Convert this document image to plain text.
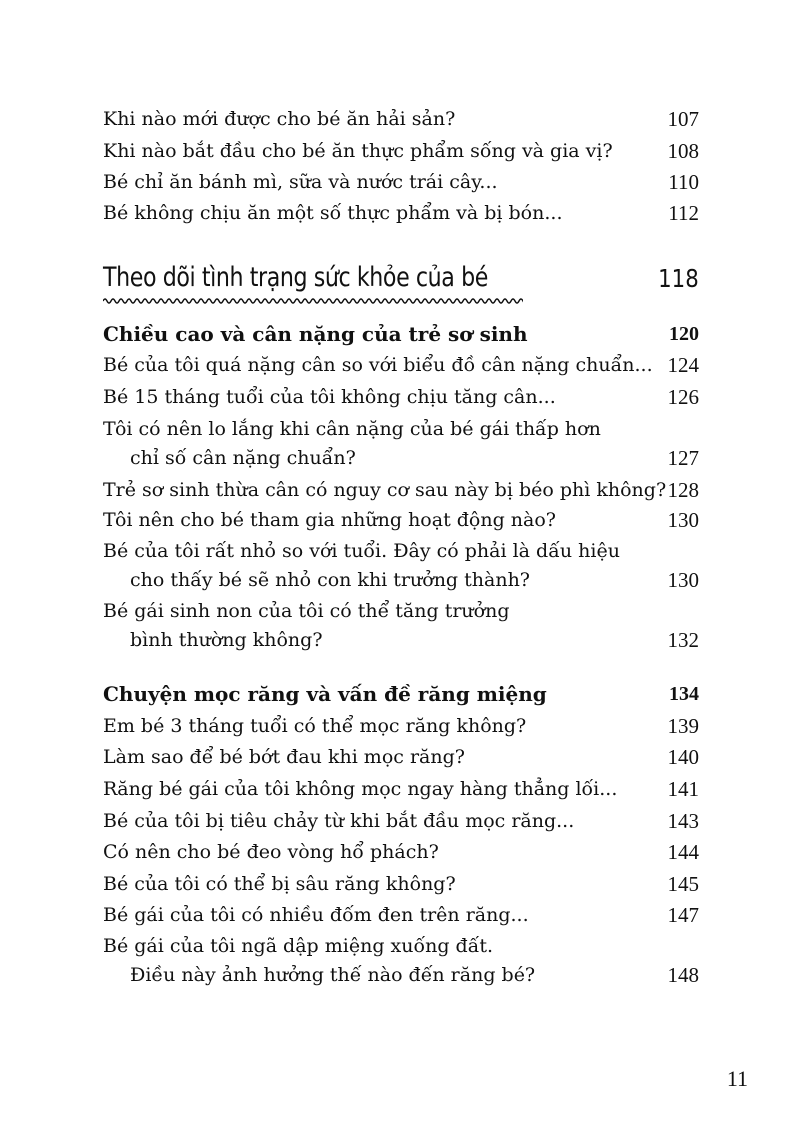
Khi nào mới được cho bé ăn hải sản?	107
Khi nào bắt đầu cho bé ăn thực phẩm sống và gia vị?	108
Bé chỉ ăn bánh mì, sữa và nước trái cây...	110
Bé không chịu ăn một số thực phẩm và bị bón...	112
Theo dõi tình trạng sức khỏe của bé	118
Chiều cao và cân nặng của trẻ sơ sinh	120
Bé của tôi quá nặng cân so với biểu đồ cân nặng chuẩn... 124
Bé 15 tháng tuổi của tôi không chịu tăng cân...	126
Tôi có nên lo lắng khi cân nặng của bé gái thấp hơn
chỉ số cân nặng chuẩn?	127
Trẻ sơ sinh thừa cân có nguy cơ sau này bị béo phì không? 128
Tôi nên cho bé tham gia những hoạt động nào?	130
Bé của tôi rất nhỏ so với tuổi. Đây có phải là dấu hiệu
cho thấy bé sẽ nhỏ con khi trưởng thành?	130
Bé gái sinh non của tôi có thể tăng trưởng
bình thường không?	132
Chuyện mọc răng và vấn đề răng miệng	134
Em bé 3 tháng tuổi có thể mọc răng không?	139
Làm sao để bé bớt đau khi mọc răng?	140
Răng bé gái của tôi không mọc ngay hàng thẳng lối... 141
Bé của tôi bị tiêu chảy từ khi bắt đầu mọc răng...	143
Có nên cho bé đeo vòng hổ phách?	144
Bé của tôi có thể bị sâu răng không?	145
Bé gái của tôi có nhiều đốm đen trên răng...	147
Bé gái của tôi ngã dập miệng xuống đất.
Điều này ảnh hưởng thế nào đến răng bé?	148
11
